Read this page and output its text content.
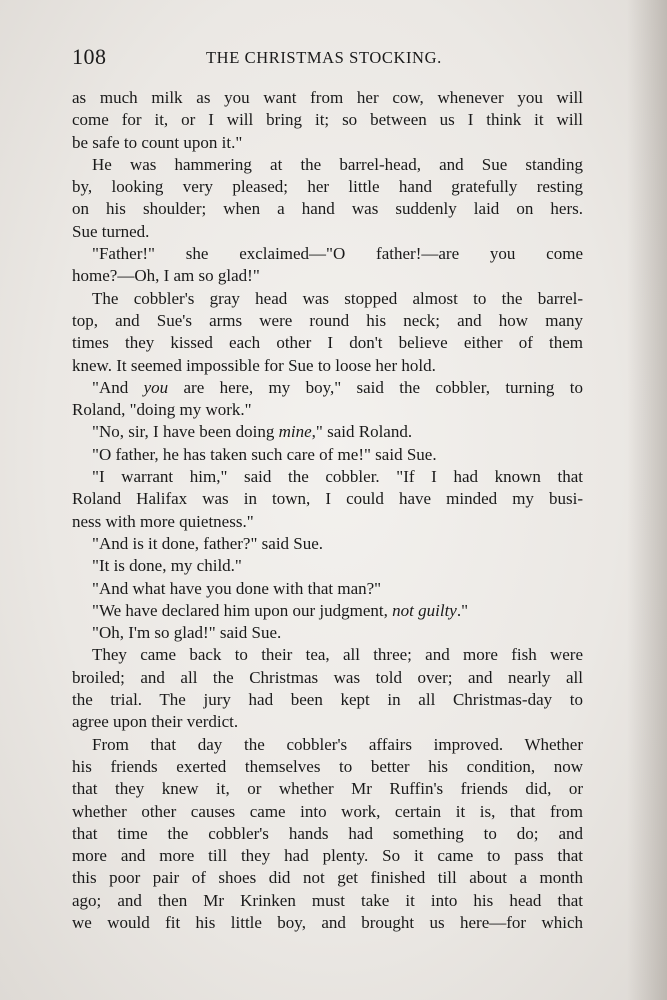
108	THE CHRISTMAS STOCKING.
as much milk as you want from her cow, whenever you will
come for it, or I will bring it; so between us I think it will
be safe to count upon it."
He was hammering at the barrel-head, and Sue standing
by, looking very pleased; her little hand gratefully resting
on his shoulder; when a hand was suddenly laid on hers.
Sue turned.
"Father!" she exclaimed—"O father!—are you come
home?—Oh, I am so glad!"
The cobbler's gray head was stopped almost to the barrel-
top, and Sue's arms were round his neck; and how many
times they kissed each other I don't believe either of them
knew. It seemed impossible for Sue to loose her hold.
"And you are here, my boy," said the cobbler, turning to
Roland, "doing my work."
"No, sir, I have been doing mine," said Roland.
"O father, he has taken such care of me!" said Sue.
"I warrant him," said the cobbler. "If I had known that
Roland Halifax was in town, I could have minded my busi-
ness with more quietness."
"And is it done, father?" said Sue.
"It is done, my child."
"And what have you done with that man?"
"We have declared him upon our judgment, not guilty."
"Oh, I'm so glad!" said Sue.
They came back to their tea, all three; and more fish were
broiled; and all the Christmas was told over; and nearly all
the trial. The jury had been kept in all Christmas-day to
agree upon their verdict.
From that day the cobbler's affairs improved. Whether
his friends exerted themselves to better his condition, now
that they knew it, or whether Mr Ruffin's friends did, or
whether other causes came into work, certain it is, that from
that time the cobbler's hands had something to do; and
more and more till they had plenty. So it came to pass that
this poor pair of shoes did not get finished till about a month
ago; and then Mr Krinken must take it into his head that
we would fit his little boy, and brought us here—for which
